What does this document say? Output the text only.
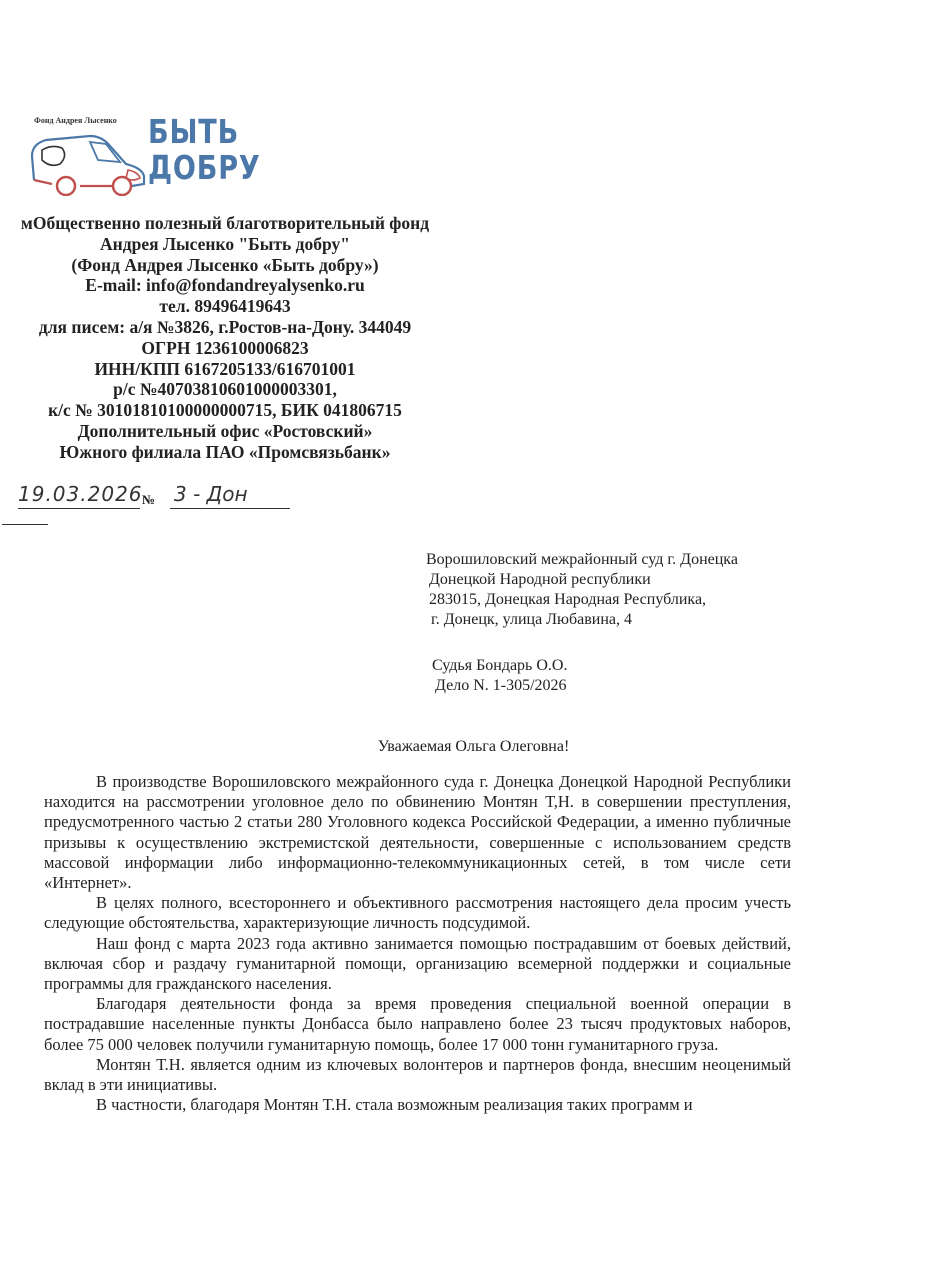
Фонд Андрея Лысенко БЫТЬ
ДОБРУ
мОбщественно полезный благотворительный фонд
Андрея Лысенко "Быть добру"
(Фонд Андрея Лысенко «Быть добру»)
E-mail: info@fondandreyalysenko.ru
тел. 89496419643
для писем: а/я №3826, г.Ростов-на-Дону. 344049
ОГРН 1236100006823
ИНН/КПП 6167205133/616701001
р/с №40703810601000003301,
к/с № 30101810100000000715, БИК 041806715
Дополнительный офис «Ростовский»
Южного филиала ПАО «Промсвязьбанк»
19.03.2026 № 3 - Дон
Ворошиловский межрайонный суд г. Донецка
Донецкой Народной республики
283015, Донецкая Народная Республика,
г. Донецк, улица Любавина, 4
Судья Бондарь О.О.
Дело N. 1-305/2026
Уважаемая Ольга Олеговна!

В производстве Ворошиловского межрайонного суда г. Донецка Донецкой Народной Республики находится на рассмотрении уголовное дело по обвинению Монтян Т,Н. в совершении преступления, предусмотренного частью 2 статьи 280 Уголовного кодекса Российской Федерации, а именно публичные призывы к осуществлению экстремистской деятельности, совершенные с использованием средств массовой информации либо информационно-телекоммуникационных сетей, в том числе сети «Интернет».

В целях полного, всестороннего и объективного рассмотрения настоящего дела просим учесть следующие обстоятельства, характеризующие личность подсудимой.

Наш фонд с марта 2023 года активно занимается помощью пострадавшим от боевых действий, включая сбор и раздачу гуманитарной помощи, организацию всемерной поддержки и социальные программы для гражданского населения.

Благодаря деятельности фонда за время проведения специальной военной операции в пострадавшие населенные пункты Донбасса было направлено более 23 тысяч продуктовых наборов, более 75 000 человек получили гуманитарную помощь, более 17 000 тонн гуманитарного груза.

Монтян Т.Н. является одним из ключевых волонтеров и партнеров фонда, внесшим неоценимый вклад в эти инициативы.

В частности, благодаря Монтян Т.Н. стала возможным реализация таких программ и
